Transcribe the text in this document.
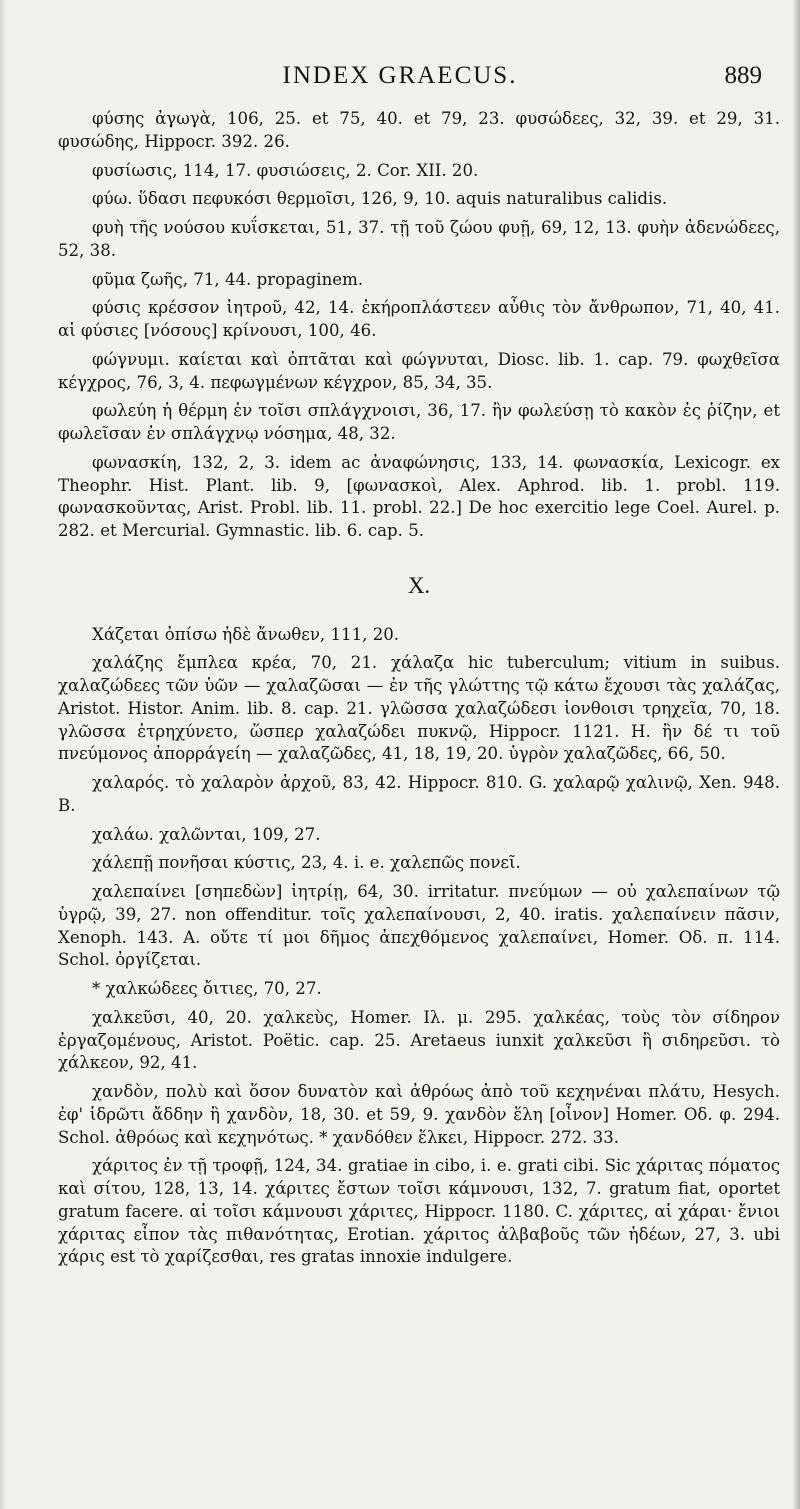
INDEX GRAECUS.	889

φύσης ἀγωγὰ, 106, 25. et 75, 40. et 79, 23. φυσώδεες, 32, 39. et 29, 31. φυσώδης, Hippocr. 392. 26.

φυσίωσις, 114, 17. φυσιώσεις, 2. Cor. XII. 20.

φύω. ὕδασι πεφυκόσι θερμοῖσι, 126, 9, 10. aquis naturalibus calidis.

φυὴ τῆς νούσου κυΐσκεται, 51, 37. τῇ τοῦ ζώου φυῇ, 69, 12, 13. φυὴν ἀδενώδεες, 52, 38.

φῦμα ζωῆς, 71, 44. propaginem.

φύσις κρέσσον ἰητροῦ, 42, 14. ἐκήροπλάστεεν αὖθις τὸν ἄνθρωπον, 71, 40, 41. αἱ φύσιες [νόσους] κρίνουσι, 100, 46.

φώγνυμι. καίεται καὶ ὀπτᾶται καὶ φώγνυται, Diosc. lib. 1. cap. 79. φωχθεῖσα κέγχρος, 76, 3, 4. πεφωγμένων κέγχρον, 85, 34, 35.

φωλεύη ἡ θέρμη ἐν τοῖσι σπλάγχνοισι, 36, 17. ἢν φωλεύσῃ τὸ κακὸν ἐς ῥίζην, et φωλεῖσαν ἐν σπλάγχνῳ νόσημα, 48, 32.

φωνασκίη, 132, 2, 3. idem ac ἀναφώνησις, 133, 14. φωνασκία, Lexicogr. ex Theophr. Hist. Plant. lib. 9, [φωνασκοὶ, Alex. Aphrod. lib. 1. probl. 119. φωνασκοῦντας, Arist. Probl. lib. 11. probl. 22.] De hoc exercitio lege Coel. Aurel. p. 282. et Mercurial. Gymnastic. lib. 6. cap. 5.

X.

Χάζεται ὀπίσω ἠδὲ ἄνωθεν, 111, 20.

χαλάζης ἔμπλεα κρέα, 70, 21. χάλαζα hic tuberculum; vitium in suibus. χαλαζώδεες τῶν ὑῶν — χαλαζῶσαι — ἐν τῆς γλώττης τῷ κάτω ἔχουσι τὰς χαλάζας, Aristot. Histor. Anim. lib. 8. cap. 21. γλῶσσα χαλαζώδεσι ἰονθοισι τρηχεῖα, 70, 18. γλῶσσα ἐτρηχύνετο, ὥσπερ χαλαζώδει πυκνῷ, Hippocr. 1121. H. ἢν δέ τι τοῦ πνεύμονος ἀπορράγείη — χαλαζῶδες, 41, 18, 19, 20. ὑγρὸν χαλαζῶδες, 66, 50.

χαλαρός. τὸ χαλαρὸν ἀρχοῦ, 83, 42. Hippocr. 810. G. χαλαρῷ χαλινῷ, Xen. 948. B.

χαλάω. χαλῶνται, 109, 27.

χάλεπῇ πονῆσαι κύστις, 23, 4. i. e. χαλεπῶς πονεῖ.

χαλεπαίνει [σηπεδὼν] ἰητρίῃ, 64, 30. irritatur. πνεύμων — οὐ χαλεπαίνων τῷ ὑγρῷ, 39, 27. non offenditur. τοῖς χαλεπαίνουσι, 2, 40. iratis. χαλεπαίνειν πᾶσιν, Xenoph. 143. A. οὔτε τί μοι δῆμος ἀπεχθόμενος χαλεπαίνει, Homer. Οδ. π. 114. Schol. ὀργίζεται.

* χαλκώδεες ὄιτιες, 70, 27.

χαλκεῦσι, 40, 20. χαλκεὺς, Homer. Ιλ. μ. 295. χαλκέας, τοὺς τὸν σίδηρον ἐργαζομένους, Aristot. Poëtic. cap. 25. Aretaeus iunxit χαλκεῦσι ἢ σιδηρεῦσι. τὸ χάλκεον, 92, 41.

χανδὸν, πολὺ καὶ ὅσον δυνατὸν καὶ ἀθρόως ἀπὸ τοῦ κεχηνέναι πλάτυ, Hesych. ἐφ' ἱδρῶτι ἄδδην ἢ χανδὸν, 18, 30. et 59, 9. χανδὸν ἕλη [οἶνον] Homer. Οδ. φ. 294. Schol. ἀθρόως καὶ κεχηνότως. * χανδόθεν ἕλκει, Hippocr. 272. 33.

χάριτος ἐν τῇ τροφῇ, 124, 34. gratiae in cibo, i. e. grati cibi. Sic χάριτας πόματος καὶ σίτου, 128, 13, 14. χάριτες ἔστων τοῖσι κάμνουσι, 132, 7. gratum fiat, oportet gratum facere. αἱ τοῖσι κάμνουσι χάριτες, Hippocr. 1180. C. χάριτες, αἱ χάραι· ἔνιοι χάριτας εἶπον τὰς πιθανότητας, Erotian. χάριτος ἀλβαβοῦς τῶν ἡδέων, 27, 3. ubi χάρις est τὸ χαρίζεσθαι, res gratas innoxie indulgere.
